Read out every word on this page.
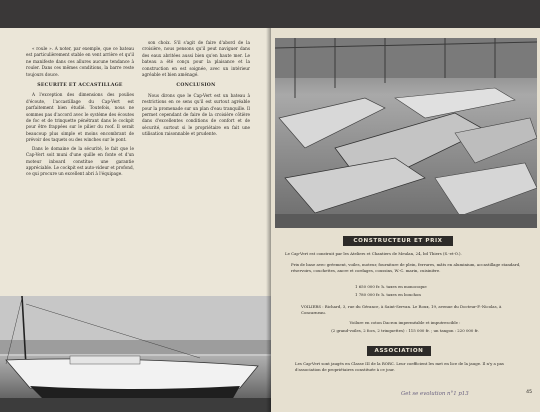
« roule ». A noter, par exemple, que ce bateau est particulièrement stable en vent arrière et qu'il ne manifeste dans ces allures aucune tendance à rouler. Dans ces mêmes conditions, la barre reste toujours douce.

SECURITE ET ACCASTILLAGE

A l'exception des dimensions des poulies d'écoute, l'accastillage du Cap-Vert est parfaitement bien étudié. Toutefois, nous ne sommes pas d'accord avec le système des écoutes de foc et de trinquette pénétrant dans le cockpit pour être frappées sur le pilier du roof. Il serait beaucoup plus simple et moins encombrant de prévoir des taquets ou des winches sur le pont.

Dans le domaine de la sécurité, le fait que le Cap-Vert soit muni d'une quille en fonte et d'un moteur inboard constitue une garantie appréciable. Le cockpit est auto-videur et profond, ce qui procure un excellent abri à l'équipage.

son choix. S'il s'agit de faire d'abord de la croisière, nous pensons qu'il peut naviguer dans des eaux abritées aussi bien qu'en haute mer. Le bateau a été conçu pour la plaisance et la construction en est soignée, avec un intérieur agréable et bien aménagé.

CONCLUSION

Nous dirons que le Cap-Vert est un bateau à restrictions en ce sens qu'il est surtout agréable pour la promenade sur un plan d'eau tranquille. Il permet cependant de faire de la croisière côtière dans d'excellentes conditions de confort et de sécurité, surtout si le propriétaire en fait une utilisation raisonnable et prudente.

CONSTRUCTEUR ET PRIX
Le Cap-Vert est construit par les Ateliers et Chantiers de Meulan, 24, bd Thiers (S.-et-O.).
Prix de base avec gréement, voiles, moteur, fourniture de plein, ferrures, mâts en aluminium, accastillage standard, réservoirs, couchettes, ancre et cordages, coussins, W.-C. marin, cuisinière.
1 650 000 fr. h. taxes en monocoque
1 780 000 fr. h. taxes en bouchon
VOILIERS : Richard, 3, rue du Gérance, à Saint-Servan. Le Roux, 19, avenue du Docteur-F.-Nicolas, à Concarneau.
Voilure en coton Dacron imperméable et imputrescible :
(2 grand-voiles, 2 focs, 2 trinquettes) : 115 000 fr. ; un tangon : 220 000 fr.
ASSOCIATION
Les Cap-Vert sont jaugés en Classe III de la RORC. Leur coefficient les met en lice de la jauge. Il n'y a pas d'association de propriétaires constituée à ce jour.
Get se evolution n°1 p13	45
